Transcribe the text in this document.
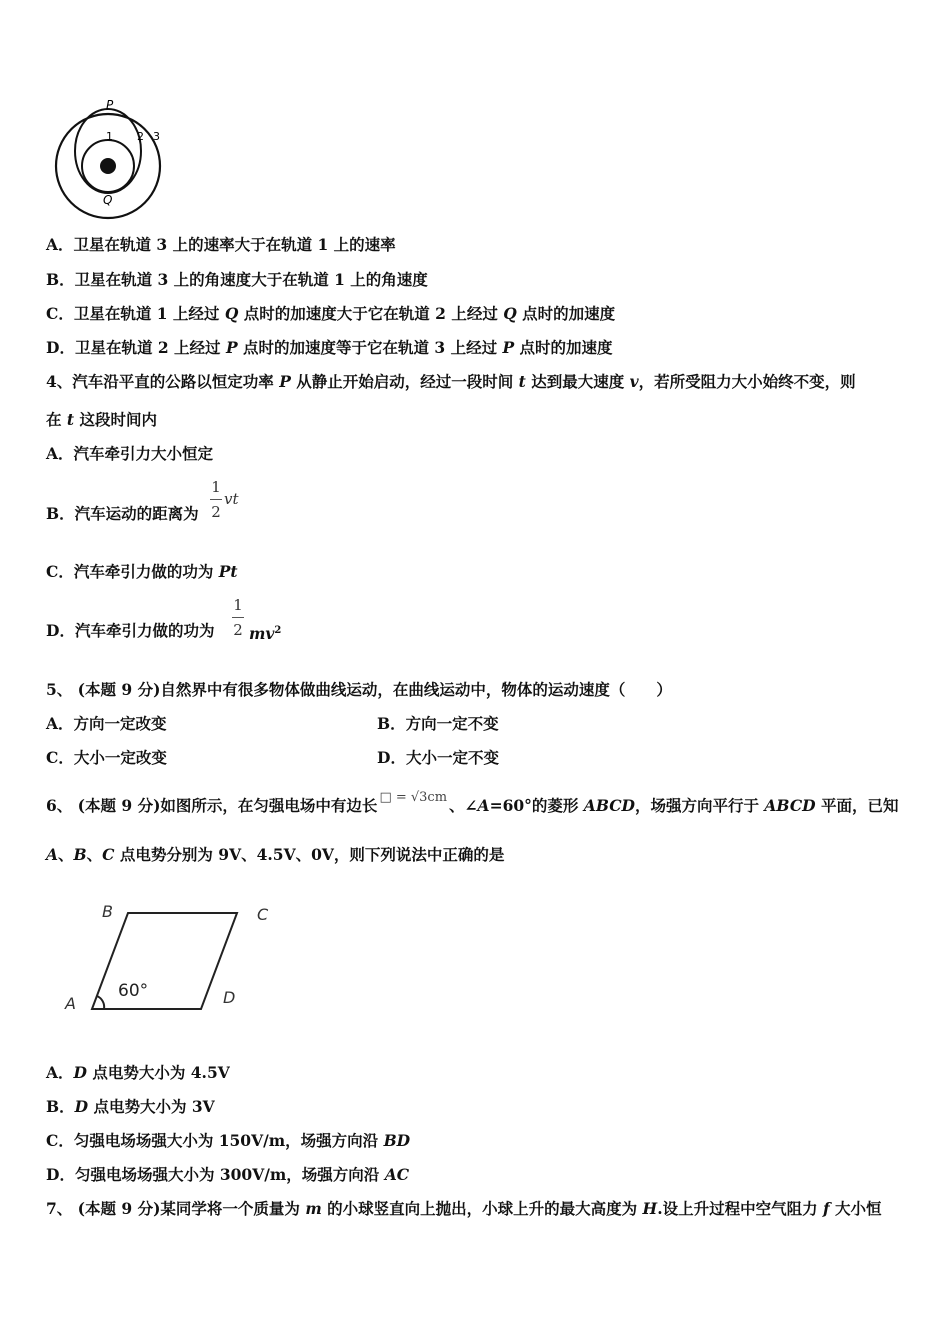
P
Q
1 2 3
A．卫星在轨道 3 上的速率大于在轨道 1 上的速率
B．卫星在轨道 3 上的角速度大于在轨道 1 上的角速度
C．卫星在轨道 1 上经过 Q 点时的加速度大于它在轨道 2 上经过 Q 点时的加速度
D．卫星在轨道 2 上经过 P 点时的加速度等于它在轨道 3 上经过 P 点时的加速度
4、汽车沿平直的公路以恒定功率 P 从静止开始启动，经过一段时间 t 达到最大速度 v，若所受阻力大小始终不变，则
在 t 这段时间内
A．汽车牵引力大小恒定
B．汽车运动的距离为
1
2
vt
C．汽车牵引力做的功为 Pt
D．汽车牵引力做的功为
1
2 $mv^2$
5、 (本题 9 分)自然界中有很多物体做曲线运动，在曲线运动中，物体的运动速度（　　）
A．方向一定改变	B．方向一定不变
C．大小一定改变	D．大小一定不变
6、 (本题 9 分)如图所示，在匀强电场中有边长 □ = √3cm 、∠A=60°的菱形 ABCD，场强方向平行于 ABCD 平面，已知
A、B、C 点电势分别为 9V、4.5V、0V，则下列说法中正确的是
B	C
A	D
60°
A．D 点电势大小为 4.5V
B．D 点电势大小为 3V
C．匀强电场场强大小为 150V/m，场强方向沿 BD
D．匀强电场场强大小为 300V/m，场强方向沿 AC
7、 (本题 9 分)某同学将一个质量为 m 的小球竖直向上抛出，小球上升的最大高度为 H.设上升过程中空气阻力 f 大小恒
